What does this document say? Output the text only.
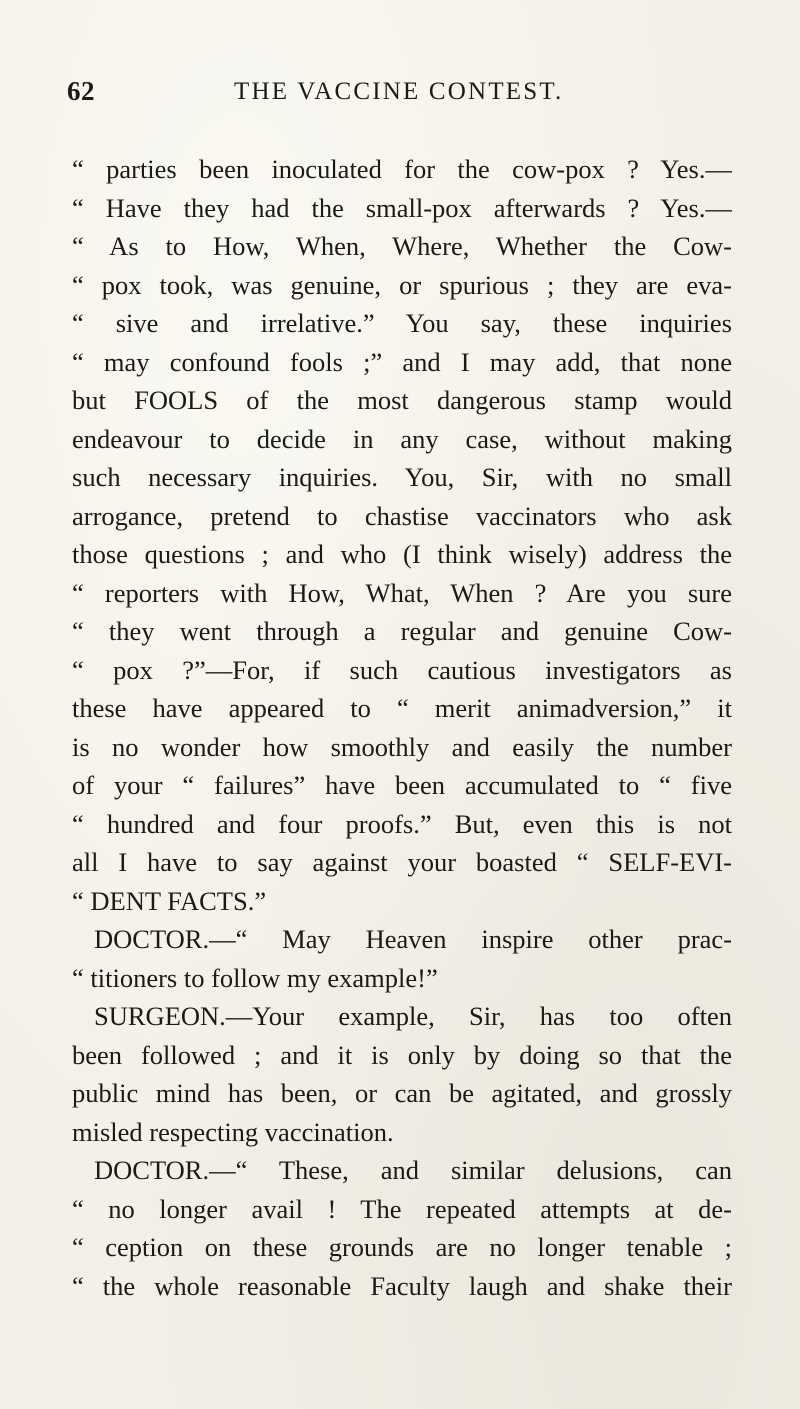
62	THE VACCINE CONTEST.
“ parties been inoculated for the cow-pox ? Yes.—
“ Have they had the small-pox afterwards ? Yes.—
“ As to How, When, Where, Whether the Cow-
“ pox took, was genuine, or spurious ; they are eva-
“ sive and irrelative.” You say, these inquiries
“ may confound fools ;” and I may add, that none
but FOOLS of the most dangerous stamp would
endeavour to decide in any case, without making
such necessary inquiries. You, Sir, with no small
arrogance, pretend to chastise vaccinators who ask
those questions ; and who (I think wisely) address the
“ reporters with How, What, When ? Are you sure
“ they went through a regular and genuine Cow-
“ pox ?”—For, if such cautious investigators as
these have appeared to “ merit animadversion,” it
is no wonder how smoothly and easily the number
of your “ failures” have been accumulated to “ five
“ hundred and four proofs.” But, even this is not
all I have to say against your boasted “ SELF-EVI-
“ DENT FACTS.”
DOCTOR.—“ May Heaven inspire other prac-
“ titioners to follow my example!”
SURGEON.—Your example, Sir, has too often
been followed ; and it is only by doing so that the
public mind has been, or can be agitated, and grossly
misled respecting vaccination.
DOCTOR.—“ These, and similar delusions, can
“ no longer avail ! The repeated attempts at de-
“ ception on these grounds are no longer tenable ;
“ the whole reasonable Faculty laugh and shake their
